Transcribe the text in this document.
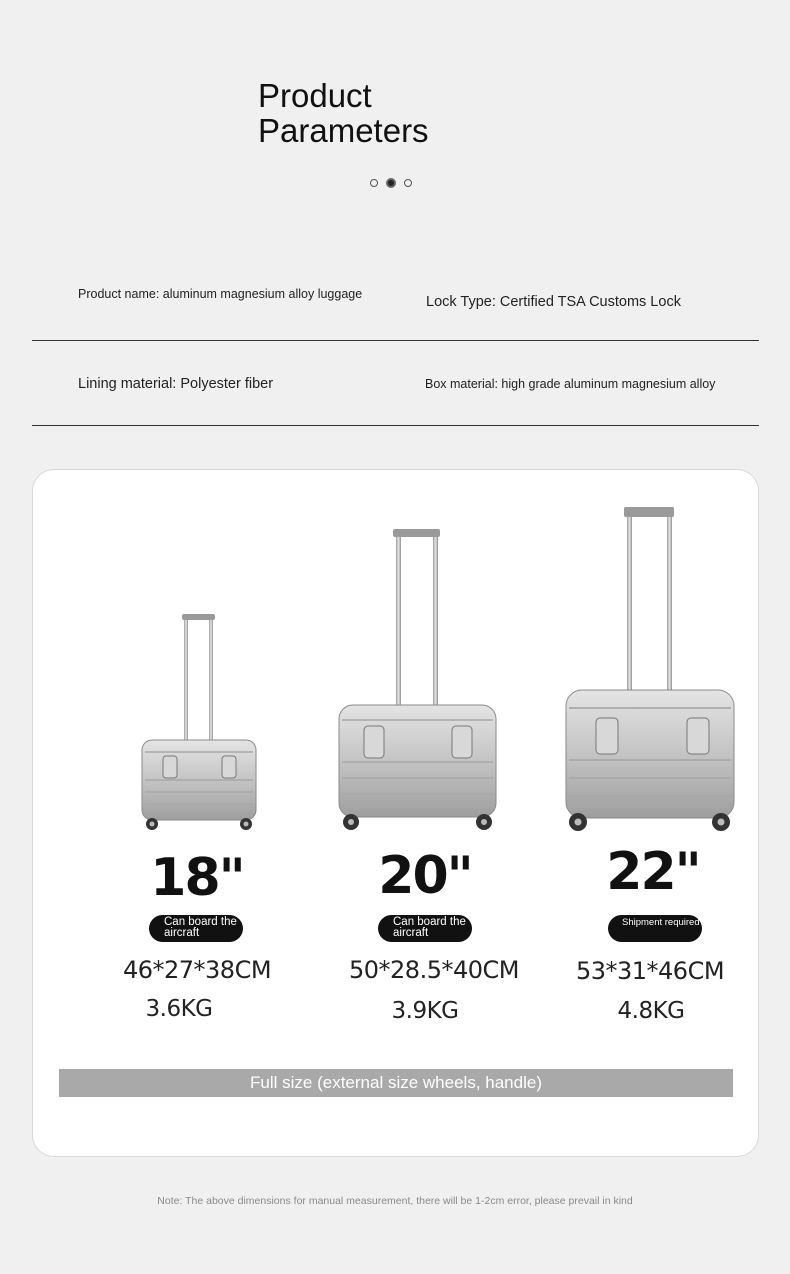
Product Parameters
Product name: aluminum magnesium alloy luggage	Lock Type: Certified TSA Customs Lock
Lining material: Polyester fiber	Box material: high grade aluminum magnesium alloy
18"
Can board the aircraft
46*27*38CM
3.6KG
20"
Can board the aircraft
50*28.5*40CM
3.9KG
22"
Shipment required
53*31*46CM
4.8KG
Full size (external size wheels, handle)
Note: The above dimensions for manual measurement, there will be 1-2cm error, please prevail in kind
